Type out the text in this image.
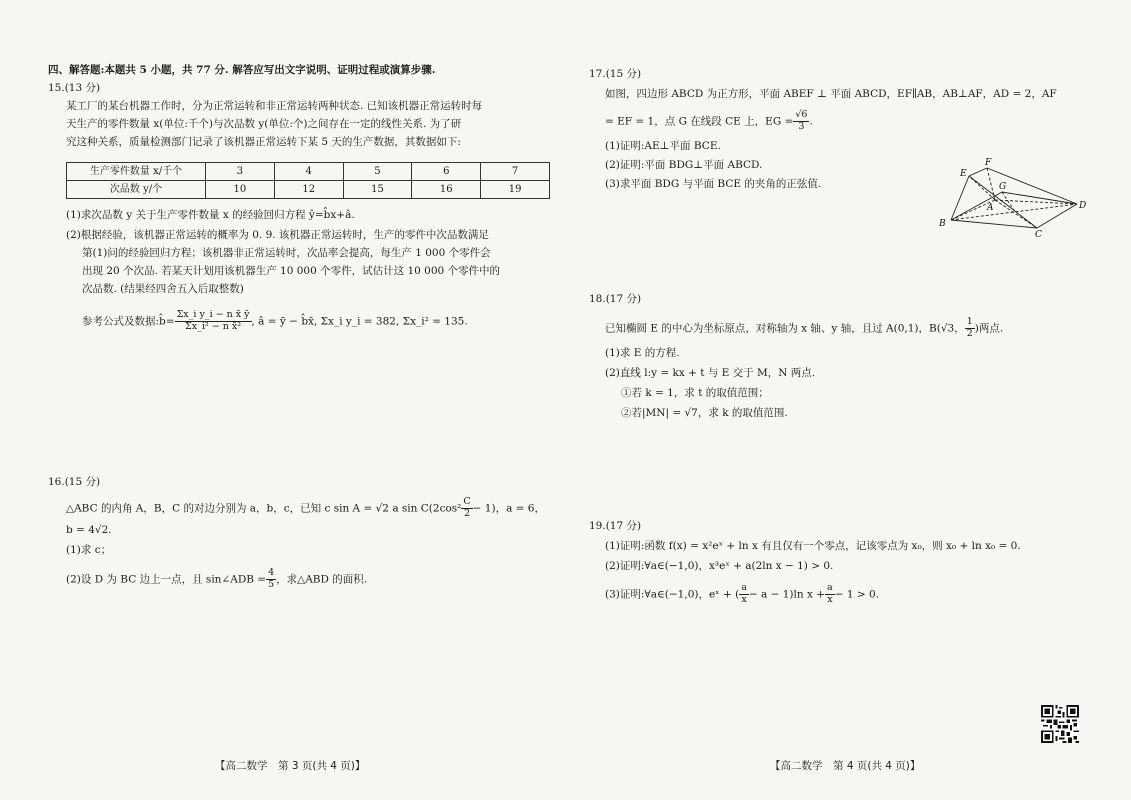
四、解答题:本题共 5 小题，共 77 分. 解答应写出文字说明、证明过程或演算步骤.
15.(13 分)
某工厂的某台机器工作时，分为正常运转和非正常运转两种状态. 已知该机器正常运转时每
天生产的零件数量 x(单位:千个)与次品数 y(单位:个)之间存在一定的线性关系. 为了研
究这种关系，质量检测部门记录了该机器正常运转下某 5 天的生产数据，其数据如下:
生产零件数量 x/千个	3	4	5	6	7
次品数 y/个	10	12	15	16	19
(1)求次品数 y 关于生产零件数量 x 的经验回归方程 ŷ=b̂x+â.
(2)根据经验，该机器正常运转的概率为 0. 9. 该机器正常运转时，生产的零件中次品数满足
第(1)问的经验回归方程；该机器非正常运转时，次品率会提高，每生产 1 000 个零件会
出现 20 个次品. 若某天计划用该机器生产 10 000 个零件，试估计这 10 000 个零件中的
次品数. (结果经四舍五入后取整数)
参考公式及数据:b̂= $\frac{\text{Σx\_i y\_i − n x̄ ȳ}}{\text{Σx\_i² − n x̄²}}$ , â = ȳ − b̂x̄, Σx_i y_i = 382, Σx_i² = 135.
16.(15 分)
△ABC 的内角 A，B，C 的对边分别为 a，b，c，已知 c sin A = √2 a $\sin C(2\cos^2 \frac{C}{2} - 1)$，a = 6，
b = 4√2.
(1)求 c；
(2)设 D 为 BC 边上一点，且 sin∠ADB = $\frac{4}{5}$ ，求△ABD 的面积.
【高二数学　第 3 页(共 4 页)】
17.(15 分)
如图，四边形 ABCD 为正方形，平面 ABEF ⊥ 平面 ABCD，EF∥AB，AB⊥AF，AD = 2，AF
= EF = 1，点 G 在线段 CE 上，EG = $\frac{√6}{3}$ .
(1)证明:AE⊥平面 BCE.
(2)证明:平面 BDG⊥平面 ABCD.
(3)求平面 BDG 与平面 BCE 的夹角的正弦值.
B
C
D
E
F
G
A
18.(17 分)
已知椭圆 E 的中心为坐标原点，对称轴为 x 轴、y 轴，且过 A(0,1)，B(√3， $\frac{1}{2}$ )两点.
(1)求 E 的方程.
(2)直线 l:y = kx + t 与 E 交于 M，N 两点.
①若 k = 1，求 t 的取值范围；
②若|MN| = √7，求 k 的取值范围.
19.(17 分)
(1)证明:函数 f(x) = x²eˣ + ln x 有且仅有一个零点，记该零点为 x₀，则 x₀ + ln x₀ = 0.
(2)证明:∀a∈(−1,0)，x³eˣ + a(2ln x − 1) > 0.
(3)证明:∀a∈(−1,0)，eˣ + ( $\frac{a}{x} - a - 1)\ln$ $x + \frac{a}{x} - 1 > 0$.
【高二数学　第 4 页(共 4 页)】
